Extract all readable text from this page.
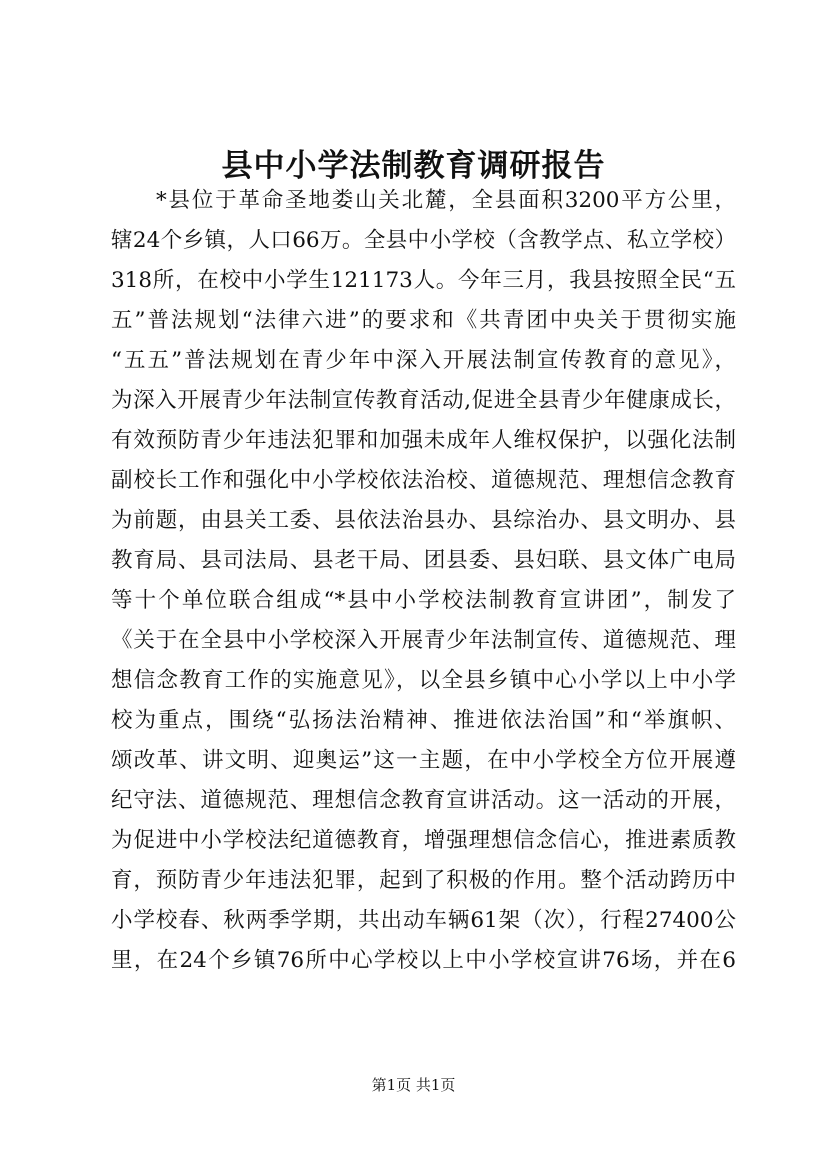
县中小学法制教育调研报告
*县位于革命圣地娄山关北麓，全县面积3200平方公里，
辖24个乡镇，人口66万。全县中小学校（含教学点、私立学校）
318所，在校中小学生121173人。今年三月，我县按照全民“五
五”普法规划“法律六进”的要求和《共青团中央关于贯彻实施
“五五”普法规划在青少年中深入开展法制宣传教育的意见》，
为深入开展青少年法制宣传教育活动,促进全县青少年健康成长，
有效预防青少年违法犯罪和加强未成年人维权保护，以强化法制
副校长工作和强化中小学校依法治校、道德规范、理想信念教育
为前题，由县关工委、县依法治县办、县综治办、县文明办、县
教育局、县司法局、县老干局、团县委、县妇联、县文体广电局
等十个单位联合组成“*县中小学校法制教育宣讲团”，制发了
《关于在全县中小学校深入开展青少年法制宣传、道德规范、理
想信念教育工作的实施意见》，以全县乡镇中心小学以上中小学
校为重点，围绕“弘扬法治精神、推进依法治国”和“举旗帜、
颂改革、讲文明、迎奥运”这一主题，在中小学校全方位开展遵
纪守法、道德规范、理想信念教育宣讲活动。这一活动的开展，
为促进中小学校法纪道德教育，增强理想信念信心，推进素质教
育，预防青少年违法犯罪，起到了积极的作用。整个活动跨历中
小学校春、秋两季学期，共出动车辆61架（次），行程27400公
里，在24个乡镇76所中心学校以上中小学校宣讲76场，并在6
第1页 共1页
